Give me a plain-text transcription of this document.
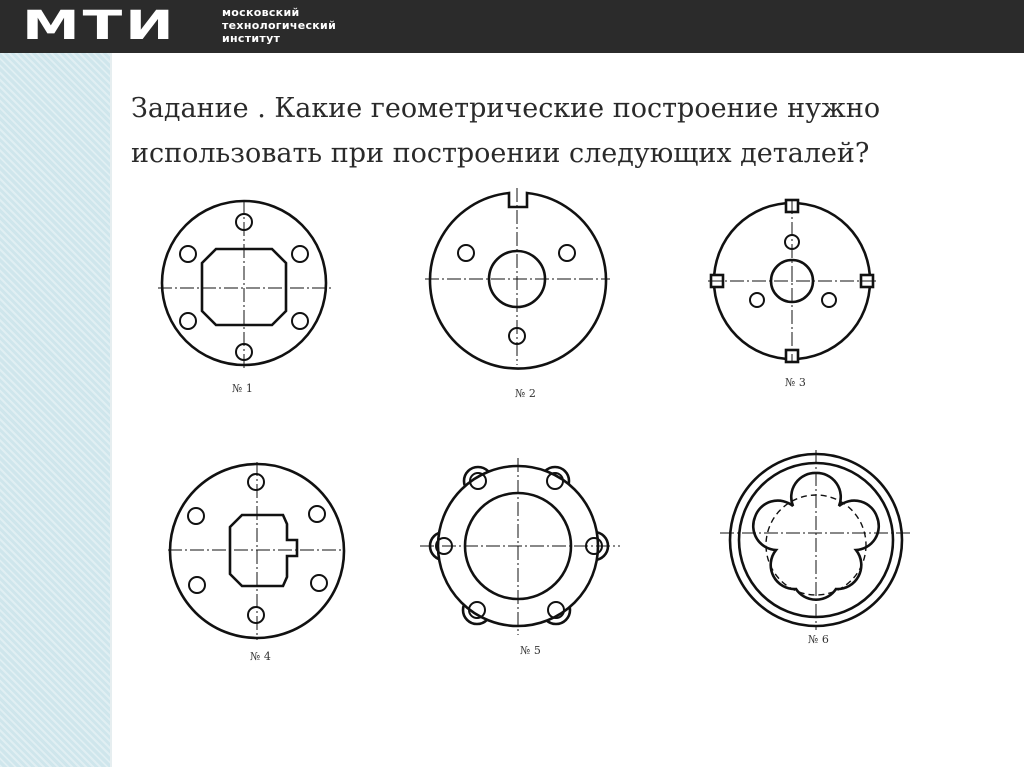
МТИ	московский
технологический
институт
Задание . Какие геометрические построение нужно
использовать при построении следующих деталей?
№ 1	№ 2
№ 3
№ 4	№ 5
№ 6
